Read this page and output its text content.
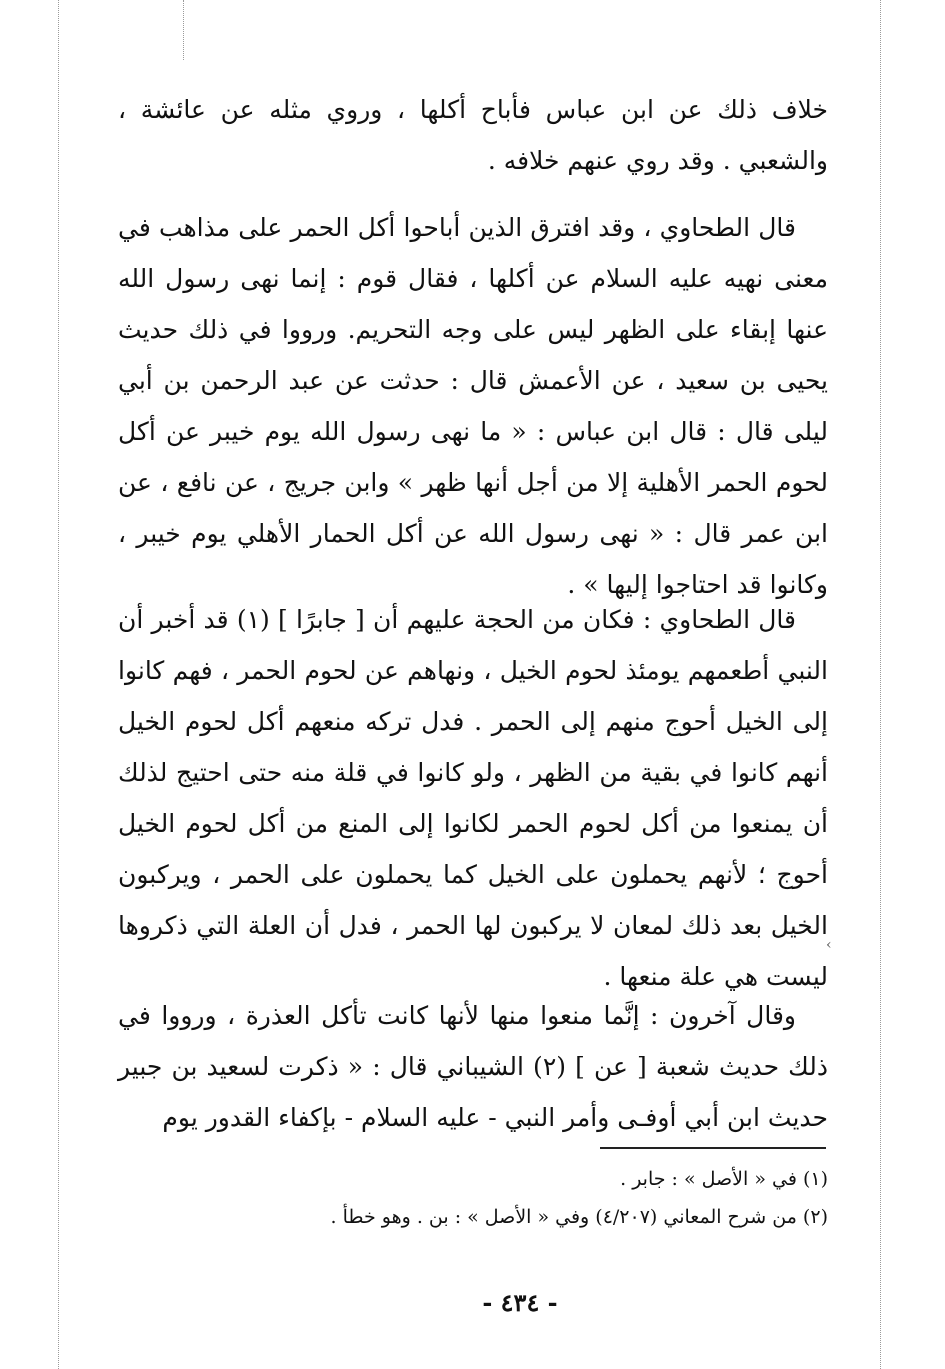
خلاف ذلك عن ابن عباس فأباح أكلها ، وروي مثله عن عائشة ، والشعبي . وقد روي عنهم خلافه .

قال الطحاوي ، وقد افترق الذين أباحوا أكل الحمر على مذاهب في معنى نهيه عليه السلام عن أكلها ، فقال قوم : إنما نهى رسول الله عنها إبقاء على الظهر ليس على وجه التحريم. ورووا في ذلك حديث يحيى بن سعيد ، عن الأعمش قال : حدثت عن عبد الرحمن بن أبي ليلى قال : قال ابن عباس : « ما نهى رسول الله يوم خيبر عن أكل لحوم الحمر الأهلية إلا من أجل أنها ظهر » وابن جريج ، عن نافع ، عن ابن عمر قال : « نهى رسول الله عن أكل الحمار الأهلي يوم خيبر ، وكانوا قد احتاجوا إليها » .

قال الطحاوي : فكان من الحجة عليهم أن [ جابرًا ] (١) قد أخبر أن النبي أطعمهم يومئذ لحوم الخيل ، ونهاهم عن لحوم الحمر ، فهم كانوا إلى الخيل أحوج منهم إلى الحمر . فدل تركه منعهم أكل لحوم الخيل أنهم كانوا في بقية من الظهر ، ولو كانوا في قلة منه حتى احتيج لذلك أن يمنعوا من أكل لحوم الحمر لكانوا إلى المنع من أكل لحوم الخيل أحوج ؛ لأنهم يحملون على الخيل كما يحملون على الحمر ، ويركبون الخيل بعد ذلك لمعان لا يركبون لها الحمر ، فدل أن العلة التي ذكروها ليست هي علة منعها .

وقال آخرون : إنَّما منعوا منها لأنها كانت تأكل العذرة ، ورووا في ذلك حديث شعبة [ عن ] (٢) الشيباني قال : « ذكرت لسعيد بن جبير حديث ابن أبي أوفـى وأمر النبي - عليه السلام - بإكفاء القدور يوم

‹

(١) في « الأصل » : جابر .

(٢) من شرح المعاني (٤/٢٠٧) وفي « الأصل » : بن . وهو خطأ .

- ٤٣٤ -
